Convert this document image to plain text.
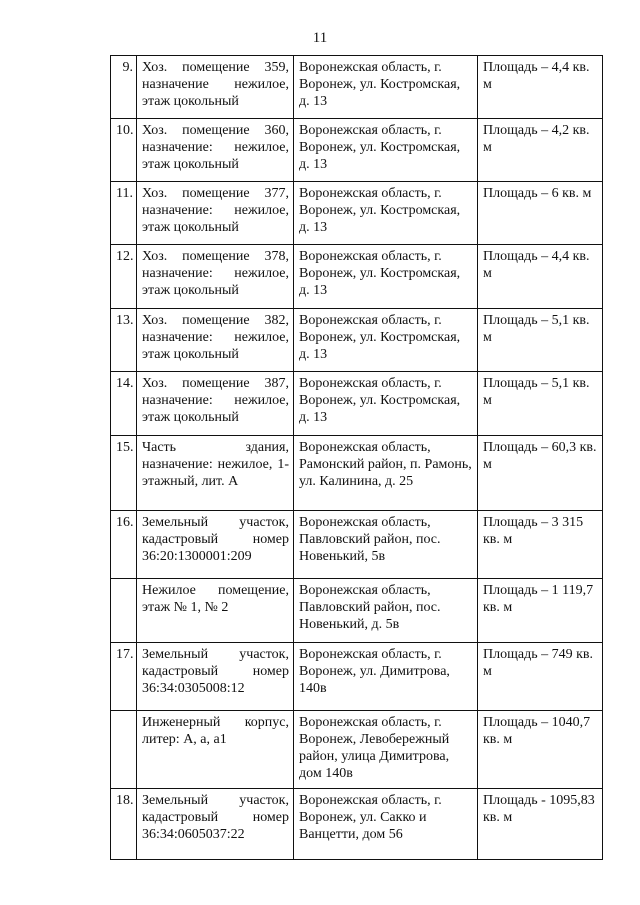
11
9.	Хоз. помещение 359, назначение нежилое, этаж цокольный	Воронежская область, г. Воронеж, ул. Костромская, д. 13	Площадь – 4,4 кв. м
10.	Хоз. помещение 360, назначение: нежилое, этаж цокольный	Воронежская область, г. Воронеж, ул. Костромская, д. 13	Площадь – 4,2 кв. м
11.	Хоз. помещение 377, назначение: нежилое, этаж цокольный	Воронежская область, г. Воронеж, ул. Костромская, д. 13	Площадь – 6 кв. м
12.	Хоз. помещение 378, назначение: нежилое, этаж цокольный	Воронежская область, г. Воронеж, ул. Костромская, д. 13	Площадь – 4,4 кв. м
13.	Хоз. помещение 382, назначение: нежилое, этаж цокольный	Воронежская область, г. Воронеж, ул. Костромская, д. 13	Площадь – 5,1 кв. м
14.	Хоз. помещение 387, назначение: нежилое, этаж цокольный	Воронежская область, г. Воронеж, ул. Костромская, д. 13	Площадь – 5,1 кв. м
15.	Часть здания, назначение: нежилое, 1- этажный, лит. А	Воронежская область, Рамонский район, п. Рамонь, ул. Калинина, д. 25	Площадь – 60,3 кв. м
16.	Земельный участок, кадастровый номер 36:20:1300001:209	Воронежская область, Павловский район, пос. Новенький, 5в	Площадь – 3 315 кв. м
	Нежилое помещение, этаж № 1, № 2	Воронежская область, Павловский район, пос. Новенький, д. 5в	Площадь – 1 119,7 кв. м
17.	Земельный участок, кадастровый номер 36:34:0305008:12	Воронежская область, г. Воронеж, ул. Димитрова, 140в	Площадь – 749 кв. м
	Инженерный корпус, литер: А, а, а1	Воронежская область, г. Воронеж, Левобережный район, улица Димитрова, дом 140в	Площадь – 1040,7 кв. м
18.	Земельный участок, кадастровый номер 36:34:0605037:22	Воронежская область, г. Воронеж, ул. Сакко и Ванцетти, дом 56	Площадь - 1095,83 кв. м
